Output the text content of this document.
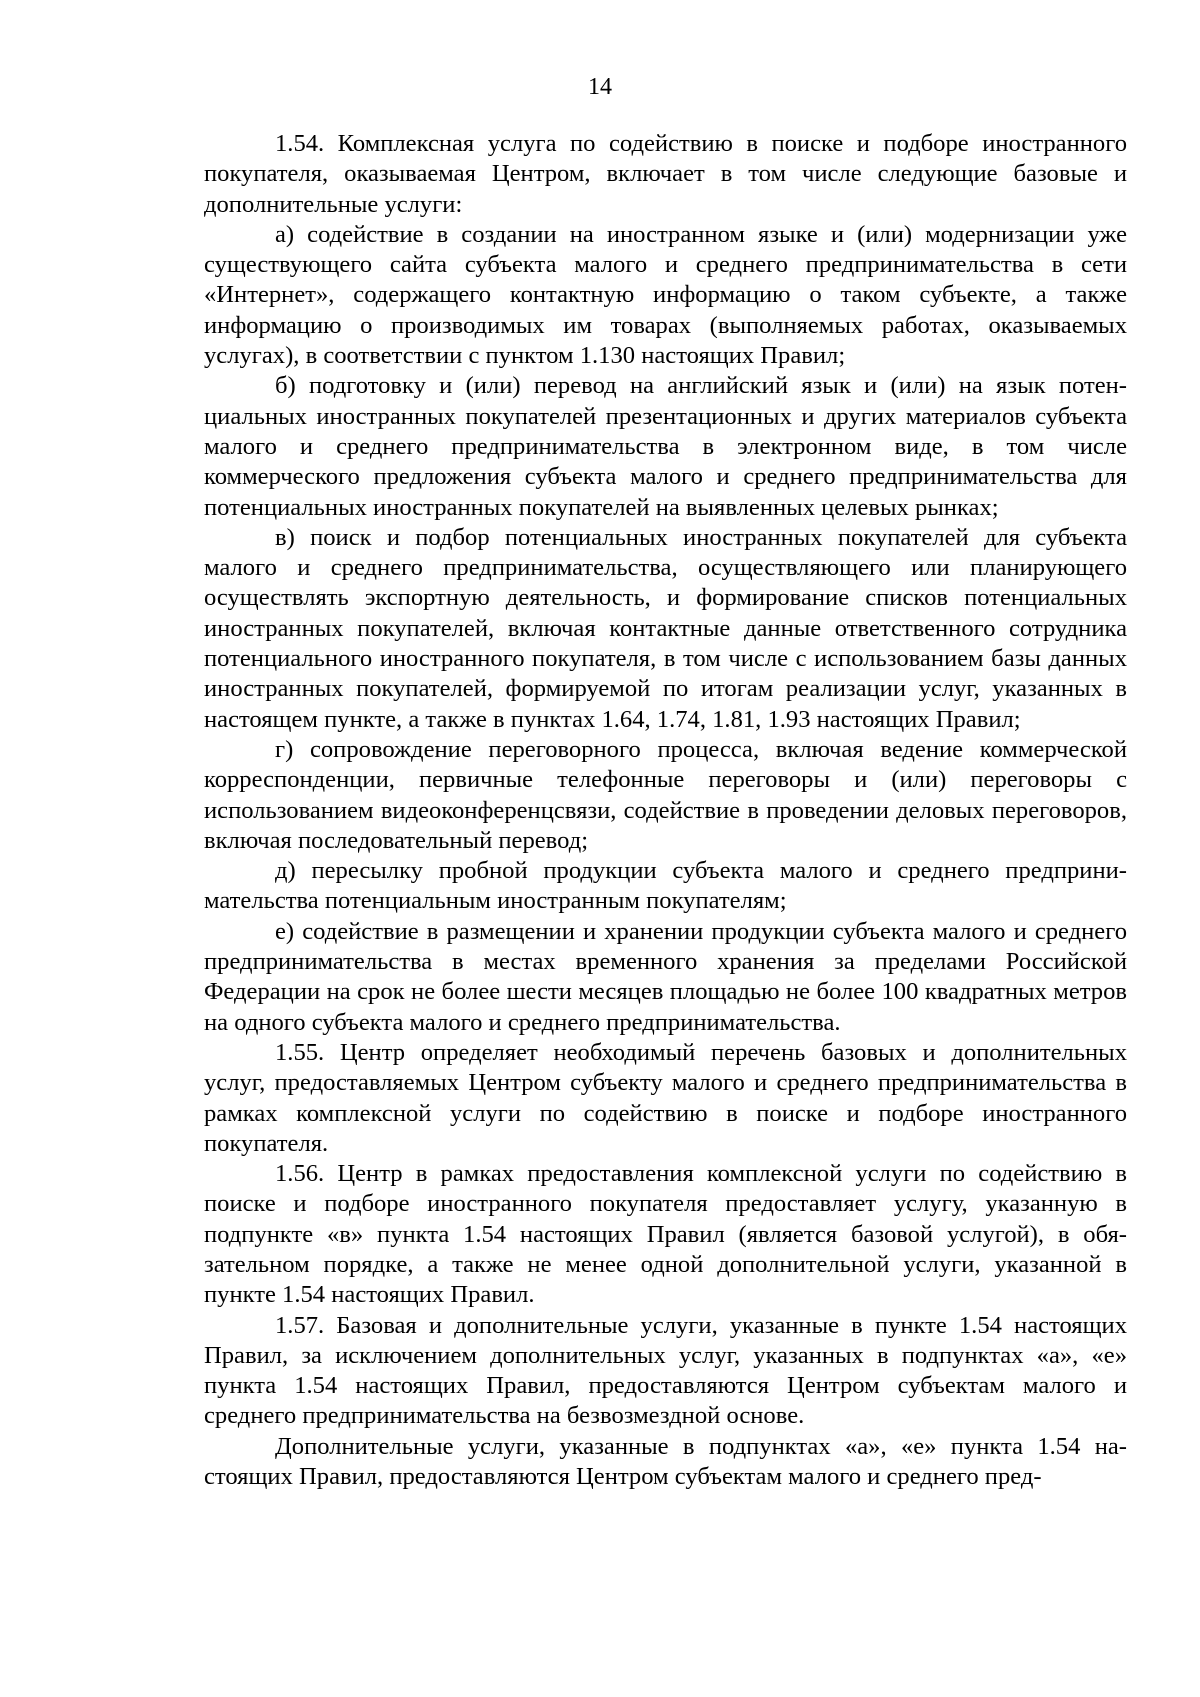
14

1.54. Комплексная услуга по содействию в поиске и подборе иностранного покупателя, оказываемая Центром, включает в том числе следующие базовые и дополнительные услуги:

а) содействие в создании на иностранном языке и (или) модернизации уже существующего сайта субъекта малого и среднего предпринимательства в сети «Интернет», содержащего контактную информацию о таком субъекте, а также информацию о производимых им товарах (выполняемых работах, оказываемых услугах), в соответствии с пунктом 1.130 настоящих Правил;

б) подготовку и (или) перевод на английский язык и (или) на язык потенциальных иностранных покупателей презентационных и других материалов субъекта малого и среднего предпринимательства в электронном виде, в том числе коммерческого предложения субъекта малого и среднего предпринимательства для потенциальных иностранных покупателей на выявленных целевых рынках;

в) поиск и подбор потенциальных иностранных покупателей для субъекта малого и среднего предпринимательства, осуществляющего или планирующего осуществлять экспортную деятельность, и формирование списков потенциальных иностранных покупателей, включая контактные данные ответственного сотрудника потенциального иностранного покупателя, в том числе с использованием базы данных иностранных покупателей, формируемой по итогам реализации услуг, указанных в настоящем пункте, а также в пунктах 1.64, 1.74, 1.81, 1.93 настоящих Правил;

г) сопровождение переговорного процесса, включая ведение коммерческой корреспонденции, первичные телефонные переговоры и (или) переговоры с использованием видеоконференцсвязи, содействие в проведении деловых переговоров, включая последовательный перевод;

д) пересылку пробной продукции субъекта малого и среднего предпринимательства потенциальным иностранным покупателям;

е) содействие в размещении и хранении продукции субъекта малого и среднего предпринимательства в местах временного хранения за пределами Российской Федерации на срок не более шести месяцев площадью не более 100 квадратных метров на одного субъекта малого и среднего предпринимательства.

1.55. Центр определяет необходимый перечень базовых и дополнительных услуг, предоставляемых Центром субъекту малого и среднего предпринимательства в рамках комплексной услуги по содействию в поиске и подборе иностранного покупателя.

1.56. Центр в рамках предоставления комплексной услуги по содействию в поиске и подборе иностранного покупателя предоставляет услугу, указанную в подпункте «в» пункта 1.54 настоящих Правил (является базовой услугой), в обязательном порядке, а также не менее одной дополнительной услуги, указанной в пункте 1.54 настоящих Правил.

1.57. Базовая и дополнительные услуги, указанные в пункте 1.54 настоящих Правил, за исключением дополнительных услуг, указанных в подпунктах «а», «е» пункта 1.54 настоящих Правил, предоставляются Центром субъектам малого и среднего предпринимательства на безвозмездной основе.

Дополнительные услуги, указанные в подпунктах «а», «е» пункта 1.54 настоящих Правил, предоставляются Центром субъектам малого и среднего пред-
